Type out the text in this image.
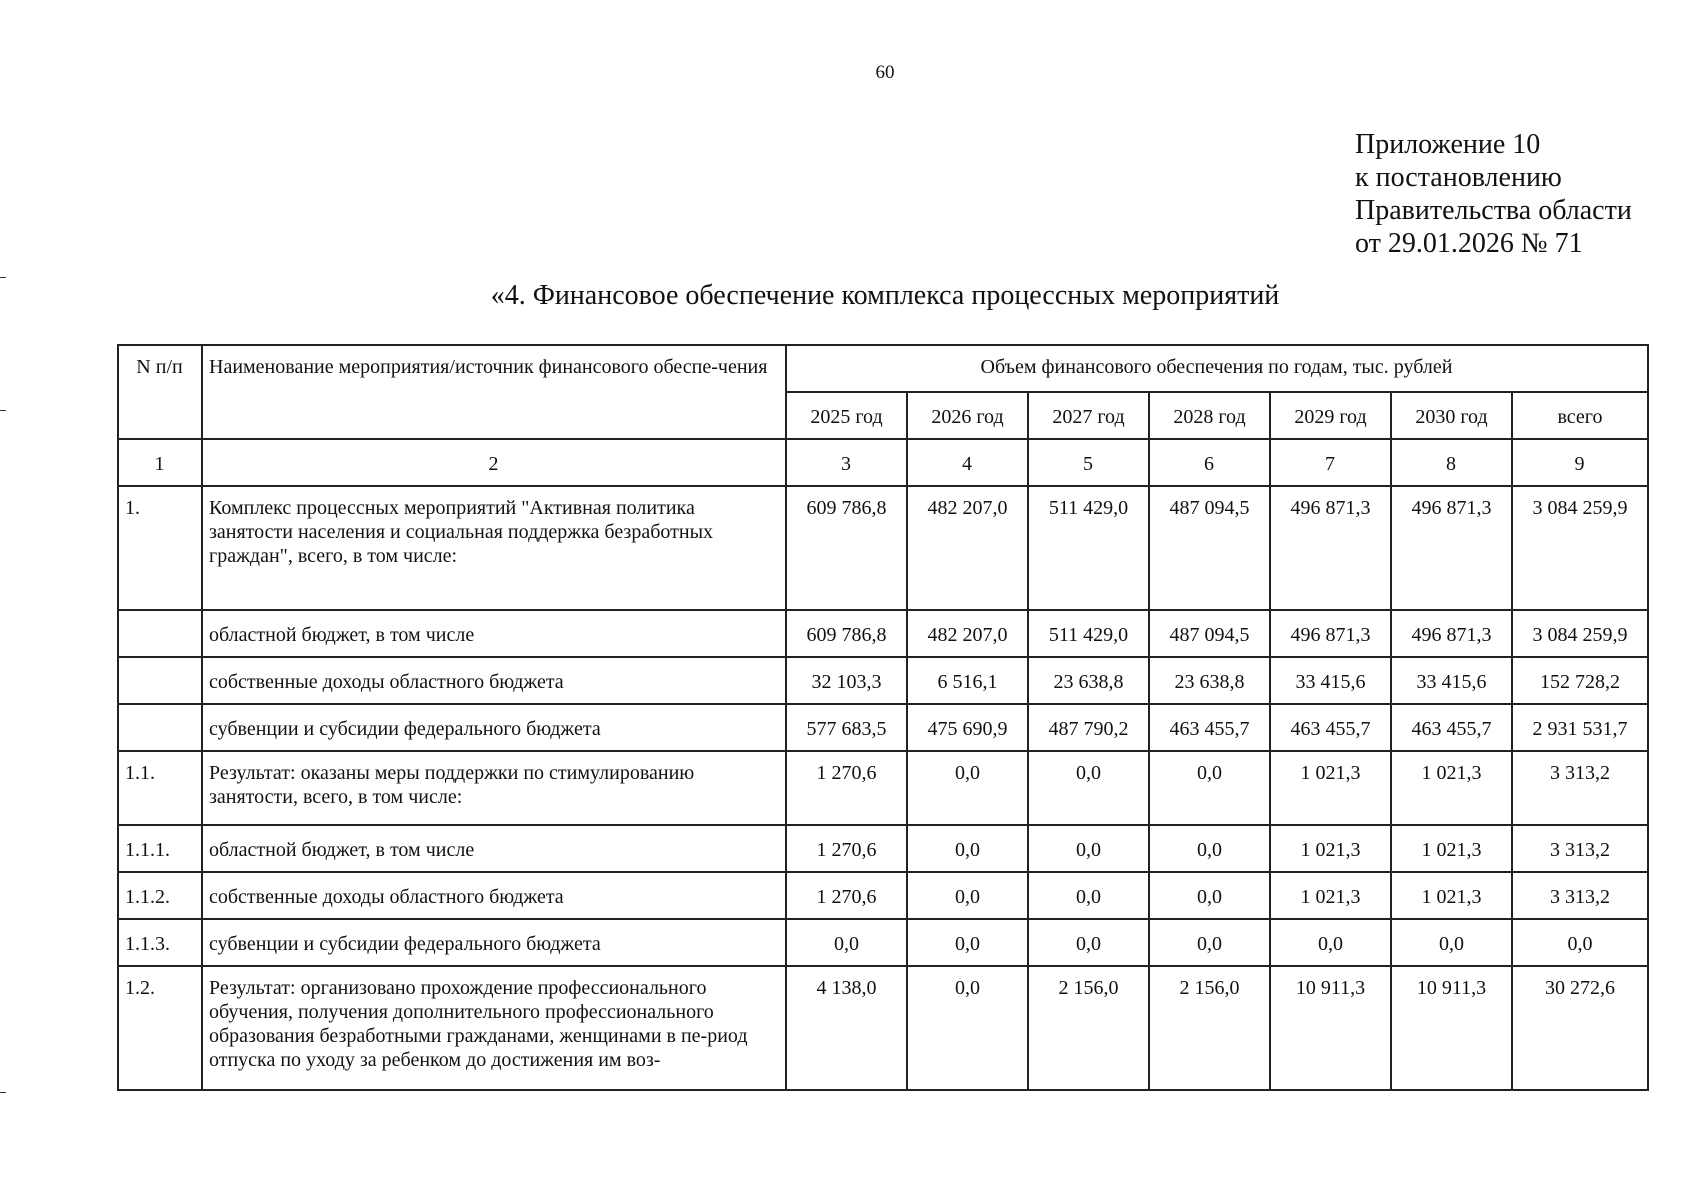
60
Приложение 10
к постановлению
Правительства области
от 29.01.2026 № 71
«4. Финансовое обеспечение комплекса процессных мероприятий
N п/п	Наименование мероприятия/источник финансового обеспе-чения	Объем финансового обеспечения по годам, тыс. рублей						
		2025 год	2026 год	2027 год	2028 год	2029 год	2030 год	всего
1	2	3	4	5	6	7	8	9
1.	Комплекс процессных мероприятий "Активная политика занятости населения и социальная поддержка безработных граждан", всего, в том числе:	609 786,8	482 207,0	511 429,0	487 094,5	496 871,3	496 871,3	3 084 259,9
	областной бюджет, в том числе	609 786,8	482 207,0	511 429,0	487 094,5	496 871,3	496 871,3	3 084 259,9
	собственные доходы областного бюджета	32 103,3	6 516,1	23 638,8	23 638,8	33 415,6	33 415,6	152 728,2
	субвенции и субсидии федерального бюджета	577 683,5	475 690,9	487 790,2	463 455,7	463 455,7	463 455,7	2 931 531,7
1.1.	Результат: оказаны меры поддержки по стимулированию занятости, всего, в том числе:	1 270,6	0,0	0,0	0,0	1 021,3	1 021,3	3 313,2
1.1.1.	областной бюджет, в том числе	1 270,6	0,0	0,0	0,0	1 021,3	1 021,3	3 313,2
1.1.2.	собственные доходы областного бюджета	1 270,6	0,0	0,0	0,0	1 021,3	1 021,3	3 313,2
1.1.3.	субвенции и субсидии федерального бюджета	0,0	0,0	0,0	0,0	0,0	0,0	0,0
1.2.	Результат: организовано прохождение профессионального обучения, получения дополнительного профессионального образования безработными гражданами, женщинами в пе-риод отпуска по уходу за ребенком до достижения им воз-	4 138,0	0,0	2 156,0	2 156,0	10 911,3	10 911,3	30 272,6
